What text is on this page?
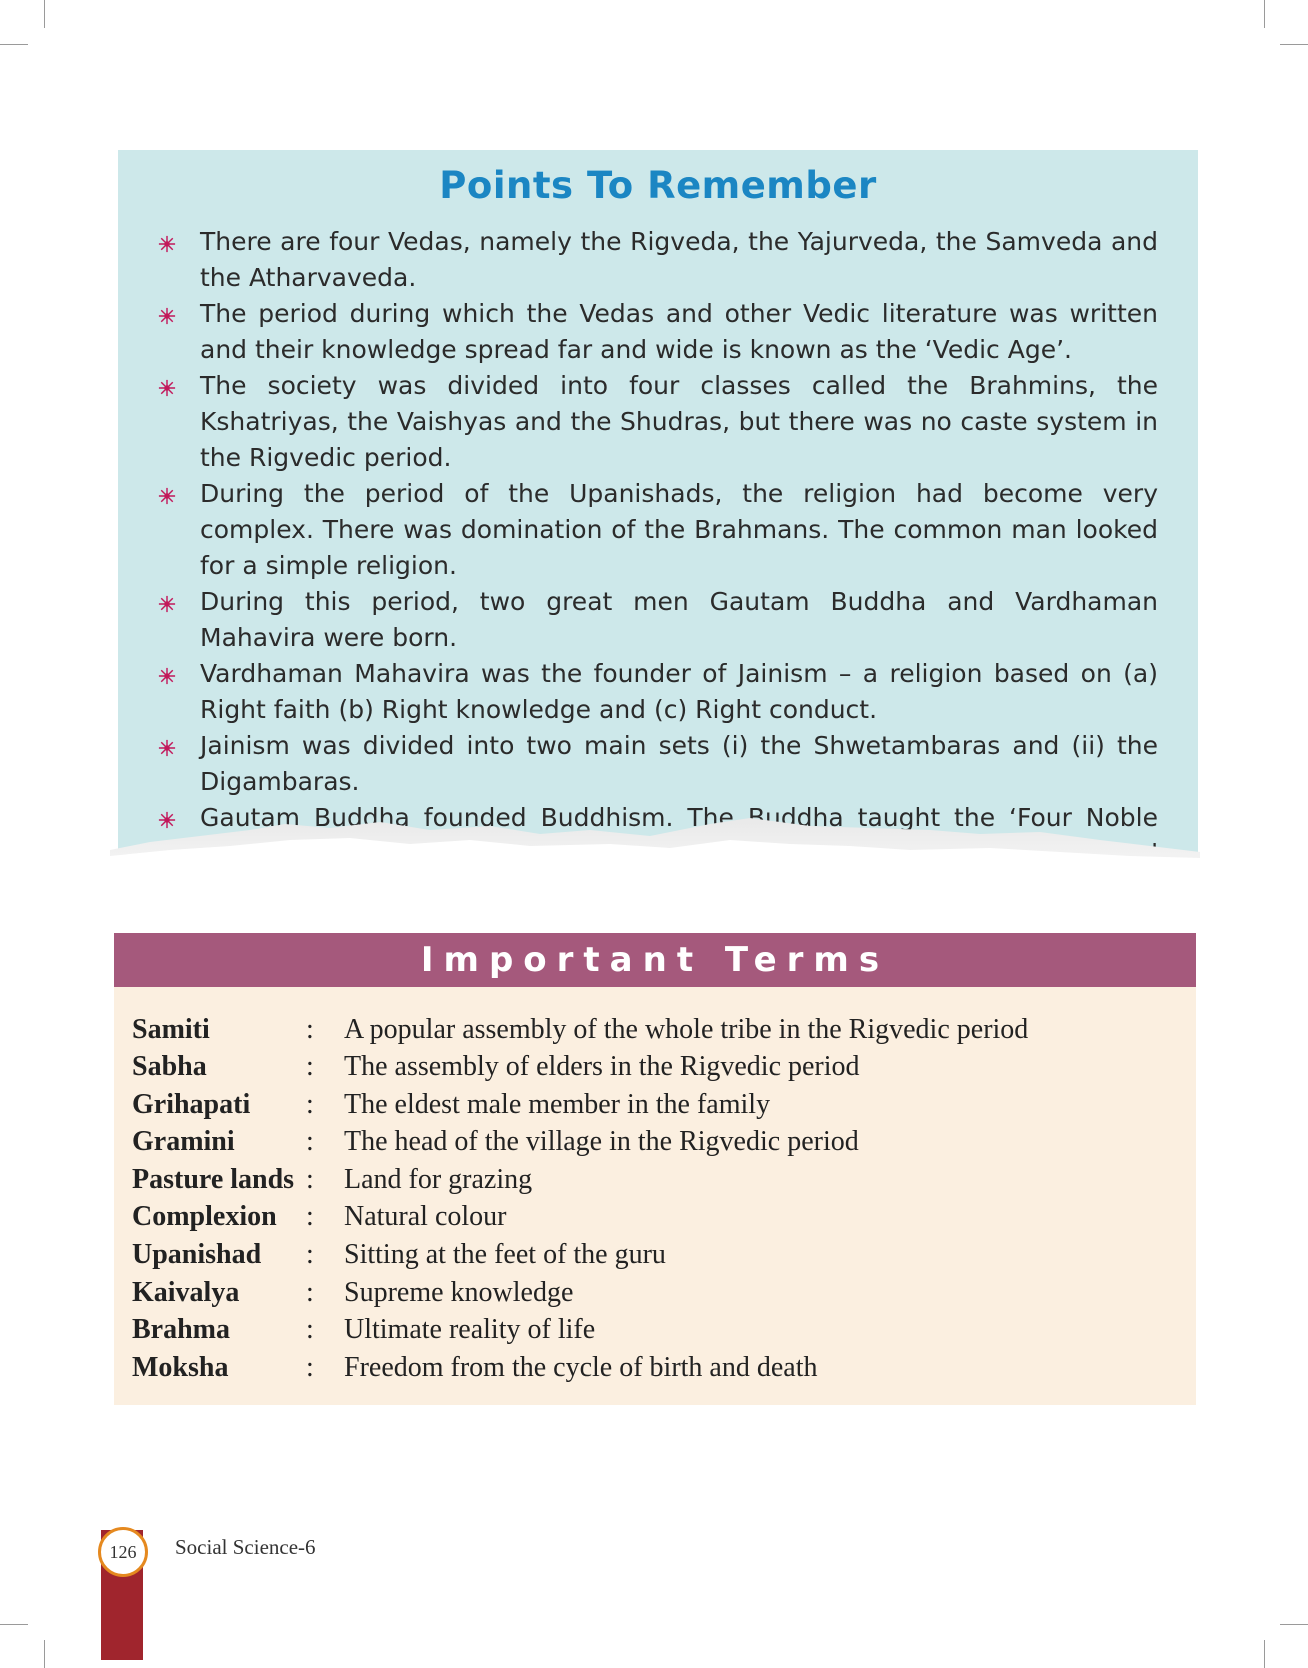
Points To Remember
There are four Vedas, namely the Rigveda, the Yajurveda, the Samveda and the Atharvaveda.
The period during which the Vedas and other Vedic literature was written and their knowledge spread far and wide is known as the ‘Vedic Age’.
The society was divided into four classes called the Brahmins, the Kshatriyas, the Vaishyas and the Shudras, but there was no caste system in the Rigvedic period.
During the period of the Upanishads, the religion had become very complex. There was domination of the Brahmans. The common man looked for a simple religion.
During this period, two great men Gautam Buddha and Vardhaman Mahavira were born.
Vardhaman Mahavira was the founder of Jainism – a religion based on (a) Right faith (b) Right knowledge and (c) Right conduct.
Jainism was divided into two main sets (i) the Shwetambaras and (ii) the Digambaras.
Gautam Buddha founded Buddhism. The Buddha taught the ‘Four Noble
Important Terms
Samiti	: A popular assembly of the whole tribe in the Rigvedic period
Sabha	: The assembly of elders in the Rigvedic period
Grihapati : The eldest male member in the family
Gramini	: The head of the village in the Rigvedic period
Pasture lands : Land for grazing
Complexion : Natural colour
Upanishad : Sitting at the feet of the guru
Kaivalya : Supreme knowledge
Brahma	: Ultimate reality of life
Moksha	: Freedom from the cycle of birth and death
126	Social Science-6
